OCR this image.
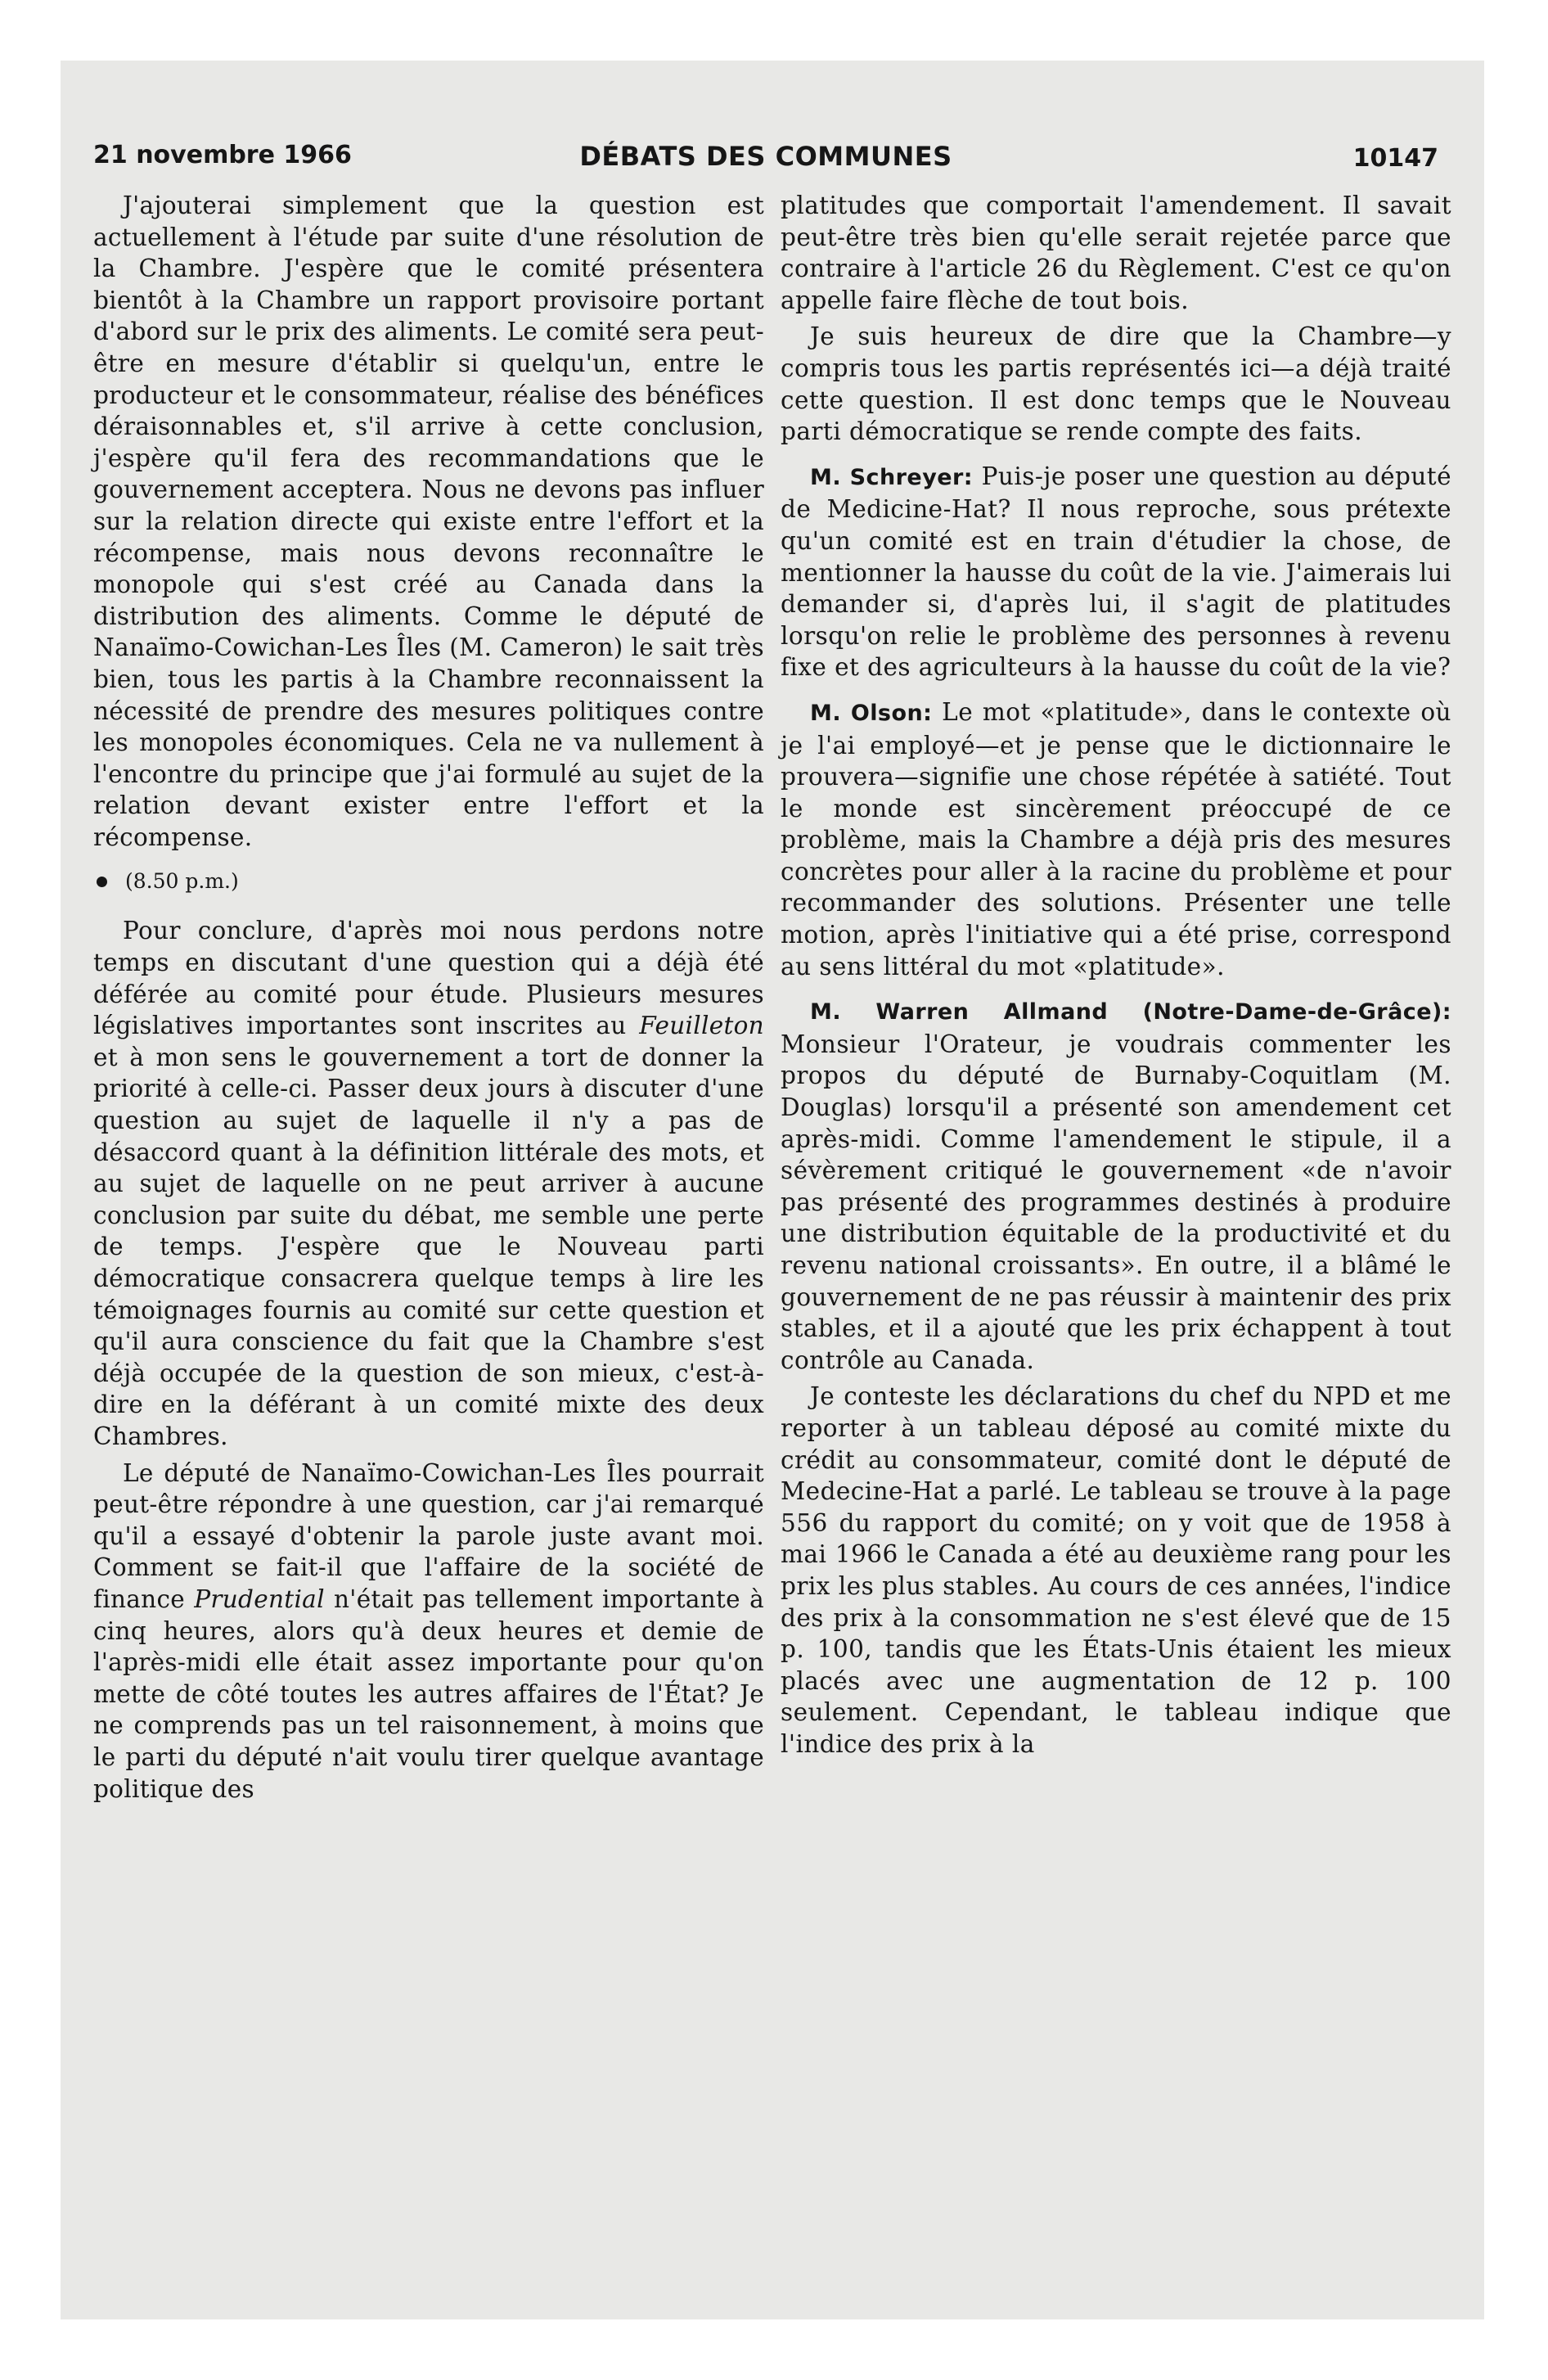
21 novembre 1966	DÉBATS DES COMMUNES	10147

J'ajouterai simplement que la question est actuellement à l'étude par suite d'une résolution de la Chambre. J'espère que le comité présentera bientôt à la Chambre un rapport provisoire portant d'abord sur le prix des aliments. Le comité sera peut-être en mesure d'établir si quelqu'un, entre le producteur et le consommateur, réalise des bénéfices déraisonnables et, s'il arrive à cette conclusion, j'espère qu'il fera des recommandations que le gouvernement acceptera. Nous ne devons pas influer sur la relation directe qui existe entre l'effort et la récompense, mais nous devons reconnaître le monopole qui s'est créé au Canada dans la distribution des aliments. Comme le député de Nanaïmo-Cowichan-Les Îles (M. Cameron) le sait très bien, tous les partis à la Chambre reconnaissent la nécessité de prendre des mesures politiques contre les monopoles économiques. Cela ne va nullement à l'encontre du principe que j'ai formulé au sujet de la relation devant exister entre l'effort et la récompense.

(8.50 p.m.)

Pour conclure, d'après moi nous perdons notre temps en discutant d'une question qui a déjà été déférée au comité pour étude. Plusieurs mesures législatives importantes sont inscrites au Feuilleton et à mon sens le gouvernement a tort de donner la priorité à celle-ci. Passer deux jours à discuter d'une question au sujet de laquelle il n'y a pas de désaccord quant à la définition littérale des mots, et au sujet de laquelle on ne peut arriver à aucune conclusion par suite du débat, me semble une perte de temps. J'espère que le Nouveau parti démocratique consacrera quelque temps à lire les témoignages fournis au comité sur cette question et qu'il aura conscience du fait que la Chambre s'est déjà occupée de la question de son mieux, c'est-à-dire en la déférant à un comité mixte des deux Chambres.

Le député de Nanaïmo-Cowichan-Les Îles pourrait peut-être répondre à une question, car j'ai remarqué qu'il a essayé d'obtenir la parole juste avant moi. Comment se fait-il que l'affaire de la société de finance Prudential n'était pas tellement importante à cinq heures, alors qu'à deux heures et demie de l'après-midi elle était assez importante pour qu'on mette de côté toutes les autres affaires de l'État? Je ne comprends pas un tel raisonnement, à moins que le parti du député n'ait voulu tirer quelque avantage politique des

platitudes que comportait l'amendement. Il savait peut-être très bien qu'elle serait rejetée parce que contraire à l'article 26 du Règlement. C'est ce qu'on appelle faire flèche de tout bois.

Je suis heureux de dire que la Chambre—y compris tous les partis représentés ici—a déjà traité cette question. Il est donc temps que le Nouveau parti démocratique se rende compte des faits.

M. Schreyer: Puis-je poser une question au député de Medicine-Hat? Il nous reproche, sous prétexte qu'un comité est en train d'étudier la chose, de mentionner la hausse du coût de la vie. J'aimerais lui demander si, d'après lui, il s'agit de platitudes lorsqu'on relie le problème des personnes à revenu fixe et des agriculteurs à la hausse du coût de la vie?

M. Olson: Le mot «platitude», dans le contexte où je l'ai employé—et je pense que le dictionnaire le prouvera—signifie une chose répétée à satiété. Tout le monde est sincèrement préoccupé de ce problème, mais la Chambre a déjà pris des mesures concrètes pour aller à la racine du problème et pour recommander des solutions. Présenter une telle motion, après l'initiative qui a été prise, correspond au sens littéral du mot «platitude».

M. Warren Allmand (Notre-Dame-de-Grâce): Monsieur l'Orateur, je voudrais commenter les propos du député de Burnaby-Coquitlam (M. Douglas) lorsqu'il a présenté son amendement cet après-midi. Comme l'amendement le stipule, il a sévèrement critiqué le gouvernement «de n'avoir pas présenté des programmes destinés à produire une distribution équitable de la productivité et du revenu national croissants». En outre, il a blâmé le gouvernement de ne pas réussir à maintenir des prix stables, et il a ajouté que les prix échappent à tout contrôle au Canada.

Je conteste les déclarations du chef du NPD et me reporter à un tableau déposé au comité mixte du crédit au consommateur, comité dont le député de Medecine-Hat a parlé. Le tableau se trouve à la page 556 du rapport du comité; on y voit que de 1958 à mai 1966 le Canada a été au deuxième rang pour les prix les plus stables. Au cours de ces années, l'indice des prix à la consommation ne s'est élevé que de 15 p. 100, tandis que les États-Unis étaient les mieux placés avec une augmentation de 12 p. 100 seulement. Cependant, le tableau indique que l'indice des prix à la
